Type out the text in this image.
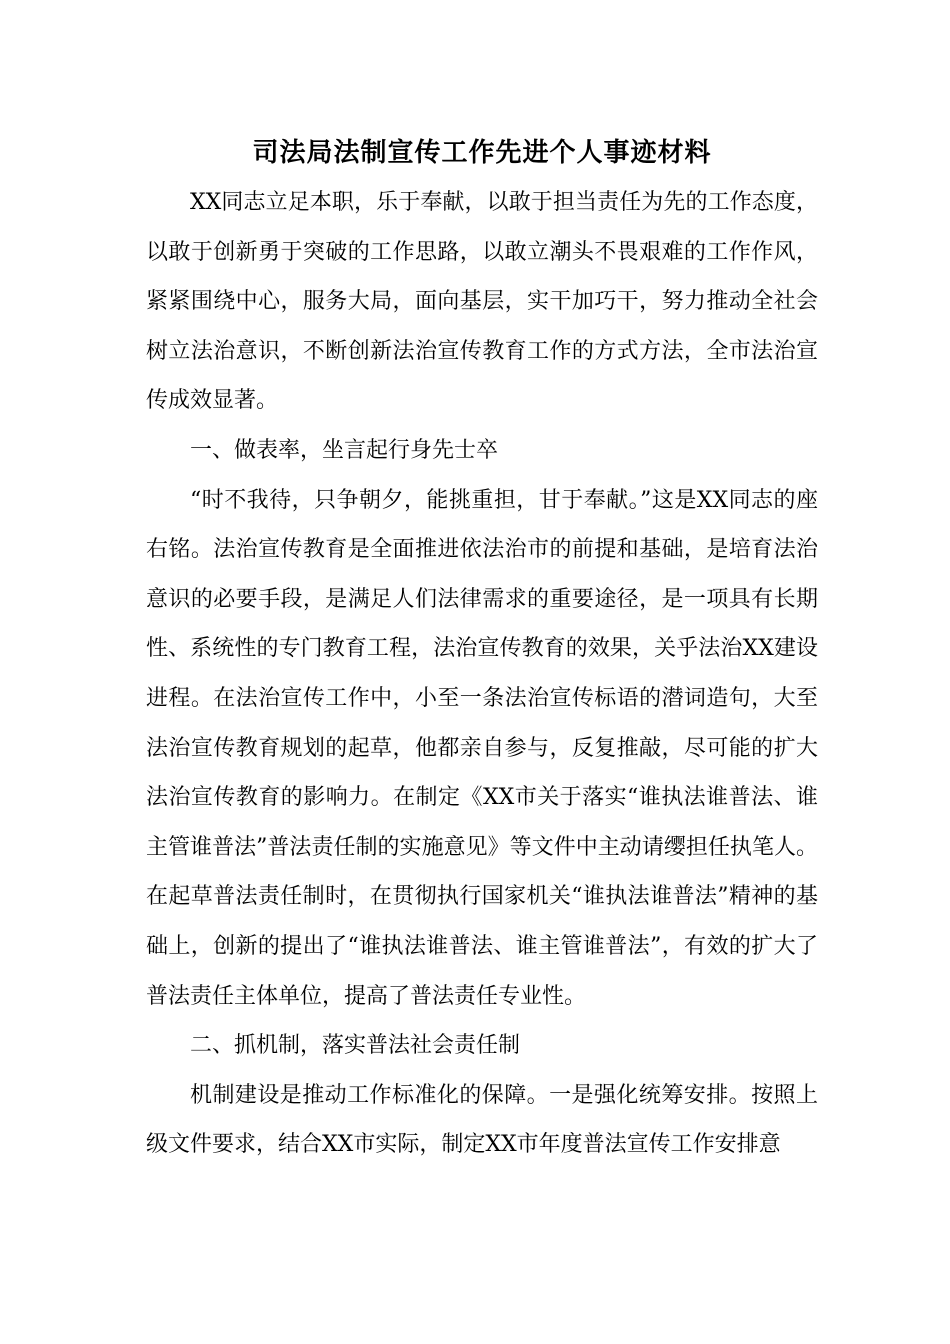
司法局法制宣传工作先进个人事迹材料

XX同志立足本职，乐于奉献，以敢于担当责任为先的工作态度，以敢于创新勇于突破的工作思路，以敢立潮头不畏艰难的工作作风，紧紧围绕中心，服务大局，面向基层，实干加巧干，努力推动全社会树立法治意识，不断创新法治宣传教育工作的方式方法，全市法治宣传成效显著。

一、做表率，坐言起行身先士卒

“时不我待，只争朝夕，能挑重担，甘于奉献。”这是XX同志的座右铭。法治宣传教育是全面推进依法治市的前提和基础，是培育法治意识的必要手段，是满足人们法律需求的重要途径，是一项具有长期性、系统性的专门教育工程，法治宣传教育的效果，关乎法治XX建设进程。在法治宣传工作中，小至一条法治宣传标语的潜词造句，大至法治宣传教育规划的起草，他都亲自参与，反复推敲，尽可能的扩大法治宣传教育的影响力。在制定《XX市关于落实“谁执法谁普法、谁主管谁普法”普法责任制的实施意见》等文件中主动请缨担任执笔人。在起草普法责任制时，在贯彻执行国家机关“谁执法谁普法”精神的基础上，创新的提出了“谁执法谁普法、谁主管谁普法”，有效的扩大了普法责任主体单位，提高了普法责任专业性。

二、抓机制，落实普法社会责任制

机制建设是推动工作标准化的保障。一是强化统筹安排。按照上级文件要求，结合XX市实际，制定XX市年度普法宣传工作安排意
